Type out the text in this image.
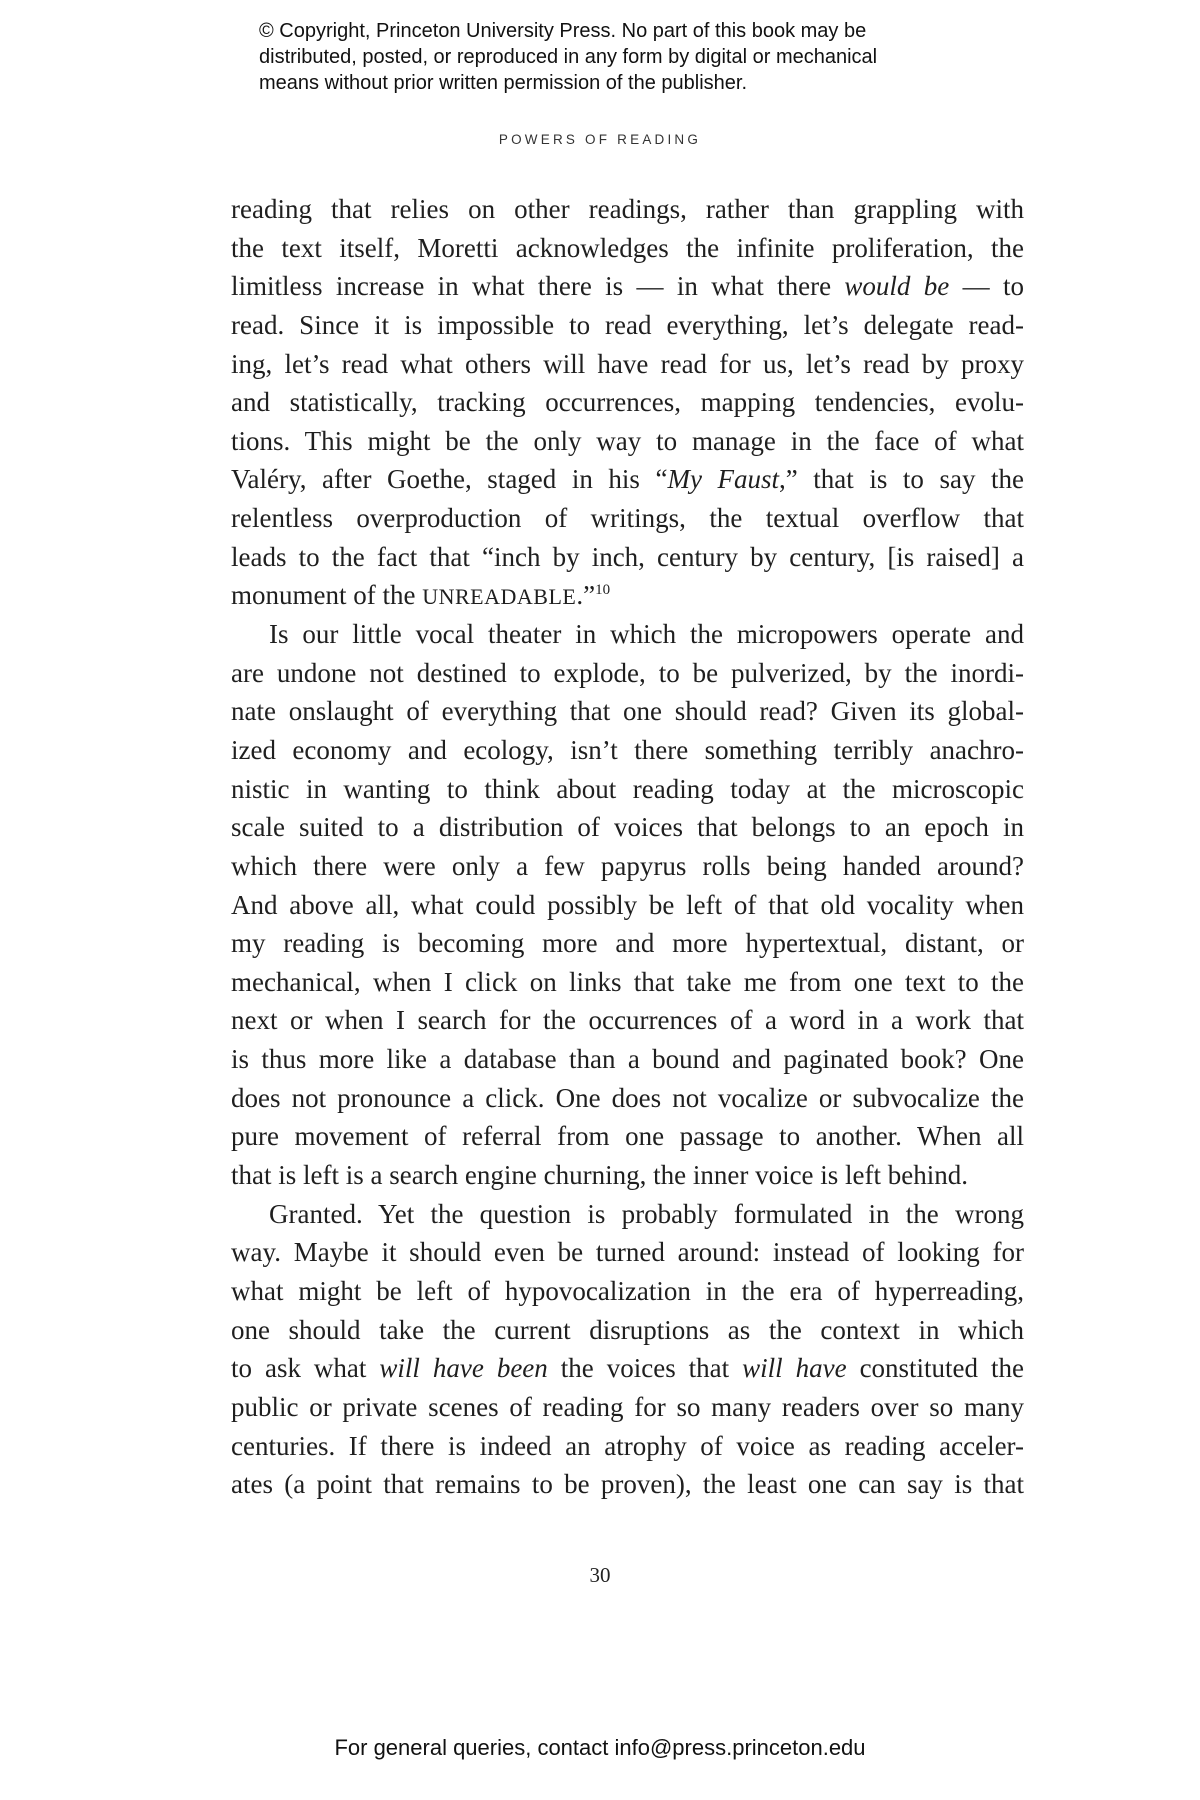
© Copyright, Princeton University Press. No part of this book may be
distributed, posted, or reproduced in any form by digital or mechanical
means without prior written permission of the publisher.
POWERS OF READING
reading that relies on other readings, rather than grappling with
the text itself, Moretti acknowledges the infinite proliferation, the
limitless increase in what there is — in what there would be — to
read. Since it is impossible to read everything, let’s delegate read-
ing, let’s read what others will have read for us, let’s read by proxy
and statistically, tracking occurrences, mapping tendencies, evolu-
tions. This might be the only way to manage in the face of what
Valéry, after Goethe, staged in his “My Faust,” that is to say the
relentless overproduction of writings, the textual overflow that
leads to the fact that “inch by inch, century by century, [is raised] a
monument of the UNREADABLE.”$^{10}$
Is our little vocal theater in which the micropowers operate and
are undone not destined to explode, to be pulverized, by the inordi-
nate onslaught of everything that one should read? Given its global-
ized economy and ecology, isn’t there something terribly anachro-
nistic in wanting to think about reading today at the microscopic
scale suited to a distribution of voices that belongs to an epoch in
which there were only a few papyrus rolls being handed around?
And above all, what could possibly be left of that old vocality when
my reading is becoming more and more hypertextual, distant, or
mechanical, when I click on links that take me from one text to the
next or when I search for the occurrences of a word in a work that
is thus more like a database than a bound and paginated book? One
does not pronounce a click. One does not vocalize or subvocalize the
pure movement of referral from one passage to another. When all
that is left is a search engine churning, the inner voice is left behind.
Granted. Yet the question is probably formulated in the wrong
way. Maybe it should even be turned around: instead of looking for
what might be left of hypovocalization in the era of hyperreading,
one should take the current disruptions as the context in which
to ask what will have been the voices that will have constituted the
public or private scenes of reading for so many readers over so many
centuries. If there is indeed an atrophy of voice as reading acceler-
ates (a point that remains to be proven), the least one can say is that
30
For general queries, contact info@press.princeton.edu
